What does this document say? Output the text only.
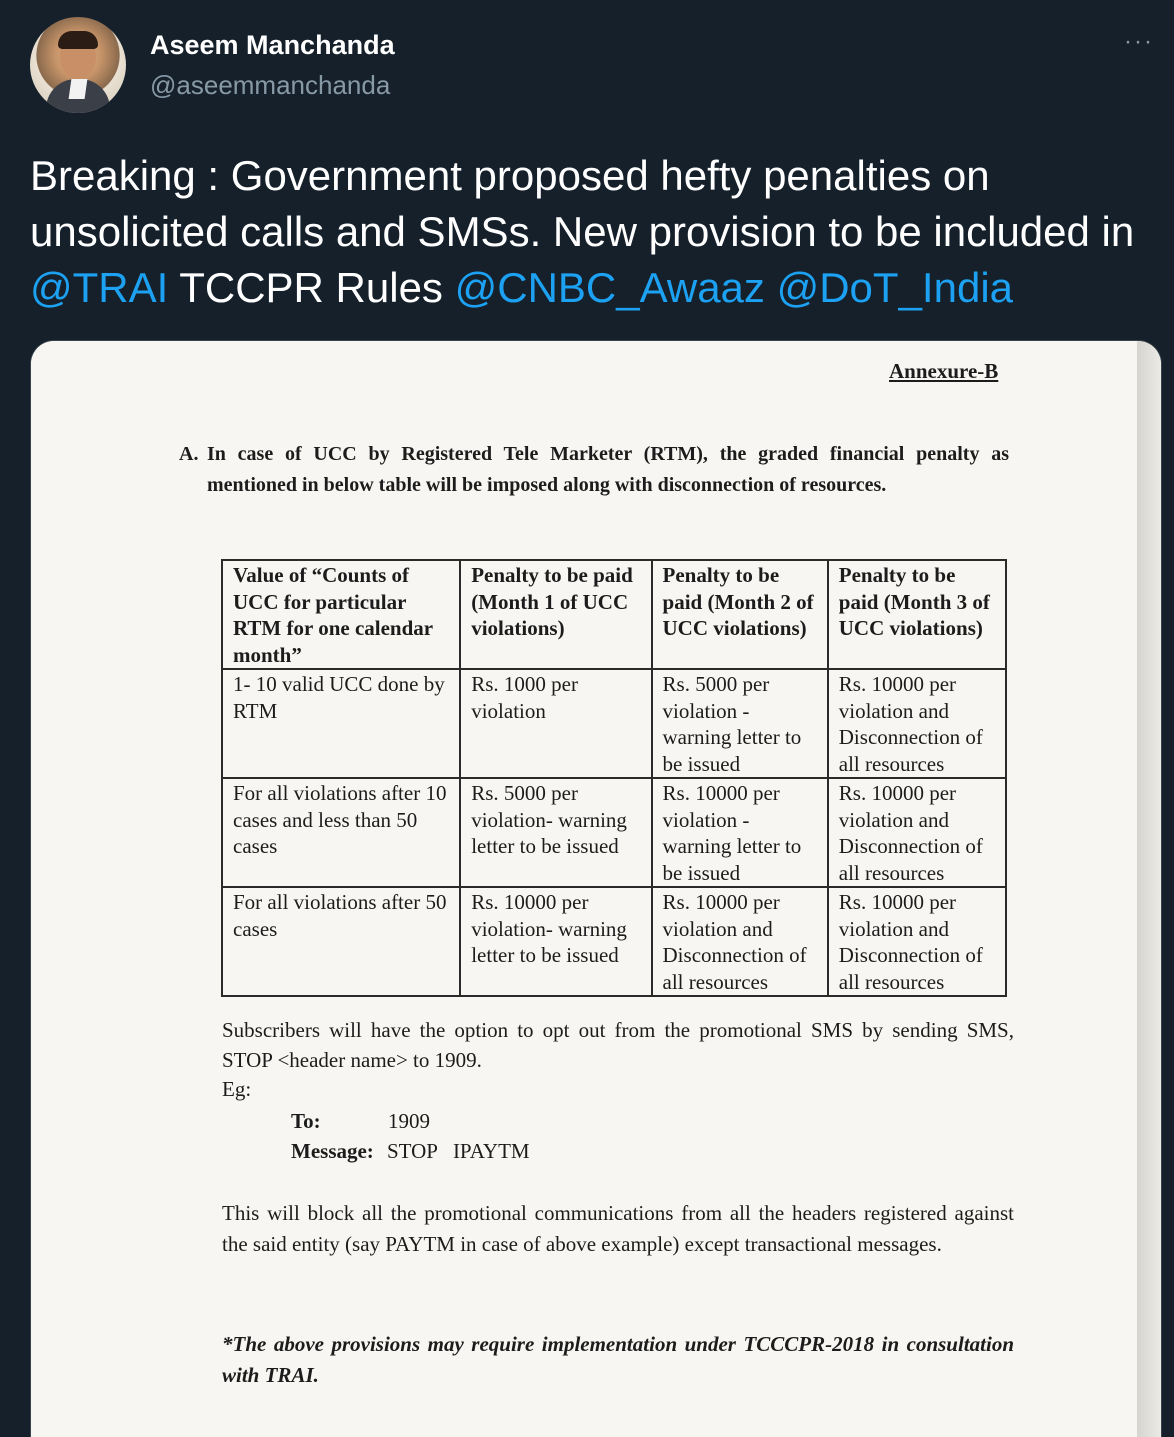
Aseem Manchanda
@aseemmanchanda
···
Breaking : Government proposed hefty penalties on unsolicited calls and SMSs. New provision to be included in @TRAI TCCPR Rules @CNBC_Awaaz @DoT_India
Annexure-B
A. In case of UCC by Registered Tele Marketer (RTM), the graded financial penalty as mentioned in below table will be imposed along with disconnection of resources.
Value of “Counts of UCC for particular RTM for one calendar month”	Penalty to be paid (Month 1 of UCC violations)	Penalty to be paid (Month 2 of UCC violations)	Penalty to be paid (Month 3 of UCC violations)
1- 10 valid UCC done by RTM	Rs. 1000 per violation	Rs. 5000 per violation - warning letter to be issued	Rs. 10000 per violation and Disconnection of all resources
For all violations after 10 cases and less than 50 cases	Rs. 5000 per violation- warning letter to be issued	Rs. 10000 per violation - warning letter to be issued	Rs. 10000 per violation and Disconnection of all resources
For all violations after 50 cases	Rs. 10000 per violation- warning letter to be issued	Rs. 10000 per violation and Disconnection of all resources	Rs. 10000 per violation and Disconnection of all resources
Subscribers will have the option to opt out from the promotional SMS by sending SMS, STOP <header name> to 1909.
Eg:
To:	1909
Message: STOP   IPAYTM
This will block all the promotional communications from all the headers registered against the said entity (say PAYTM in case of above example) except transactional messages.
*The above provisions may require implementation under TCCCPR-2018 in consultation with TRAI.
